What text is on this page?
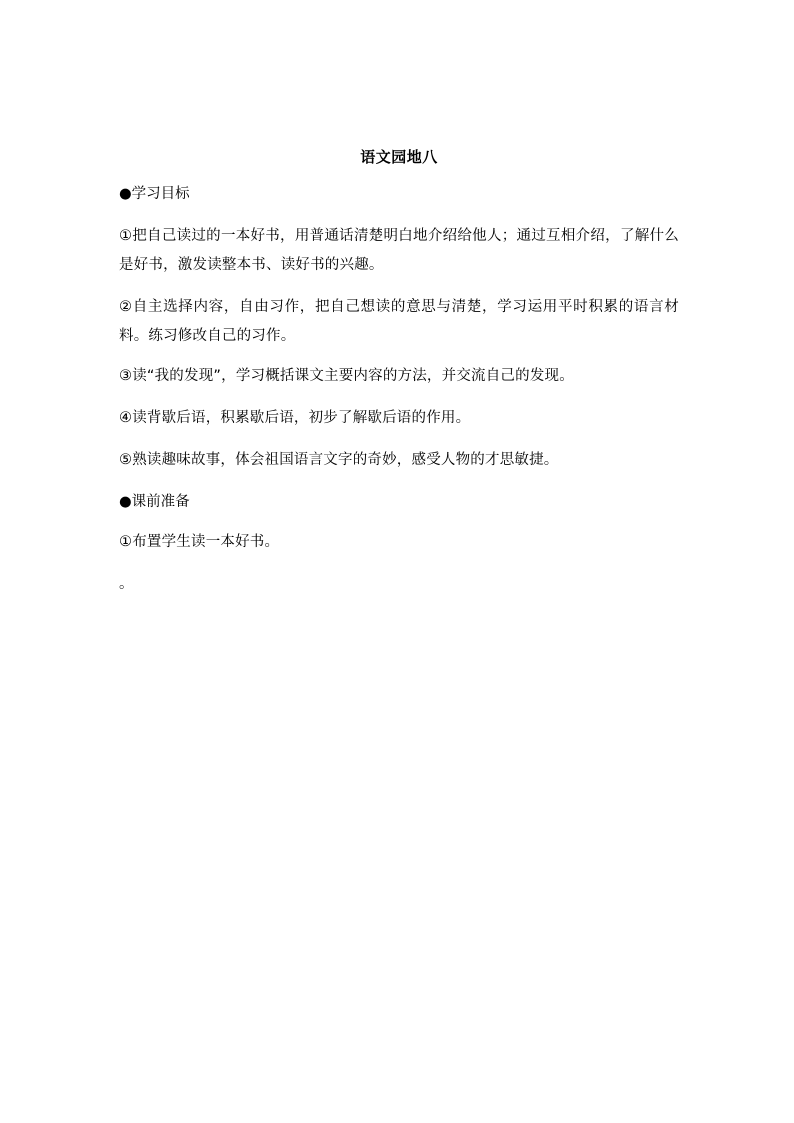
语文园地八
●学习目标
①把自己读过的一本好书，用普通话清楚明白地介绍给他人；通过互相介绍，了解什么是好书，激发读整本书、读好书的兴趣。
②自主选择内容，自由习作，把自己想读的意思与清楚，学习运用平时积累的语言材料。练习修改自己的习作。
③读“我的发现”，学习概括课文主要内容的方法，并交流自己的发现。
④读背歇后语，积累歇后语，初步了解歇后语的作用。
⑤熟读趣味故事，体会祖国语言文字的奇妙，感受人物的才思敏捷。
●课前准备
①布置学生读一本好书。
。
